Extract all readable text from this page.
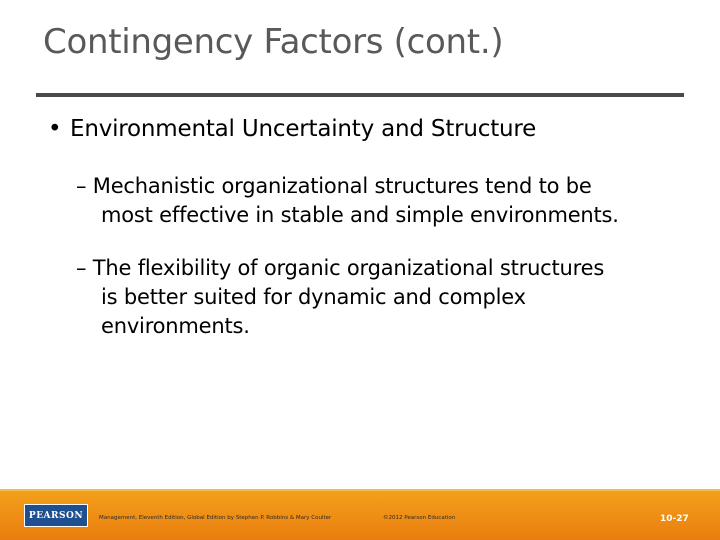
Contingency Factors (cont.)
• Environmental Uncertainty and Structure
– Mechanistic organizational structures tend to be
most effective in stable and simple environments.
– The flexibility of organic organizational structures
is better suited for dynamic and complex
environments.
PEARSON	Management, Eleventh Edition, Global Edition by Stephen P. Robbins & Mary Coulter	©2012 Pearson Education	10-27
